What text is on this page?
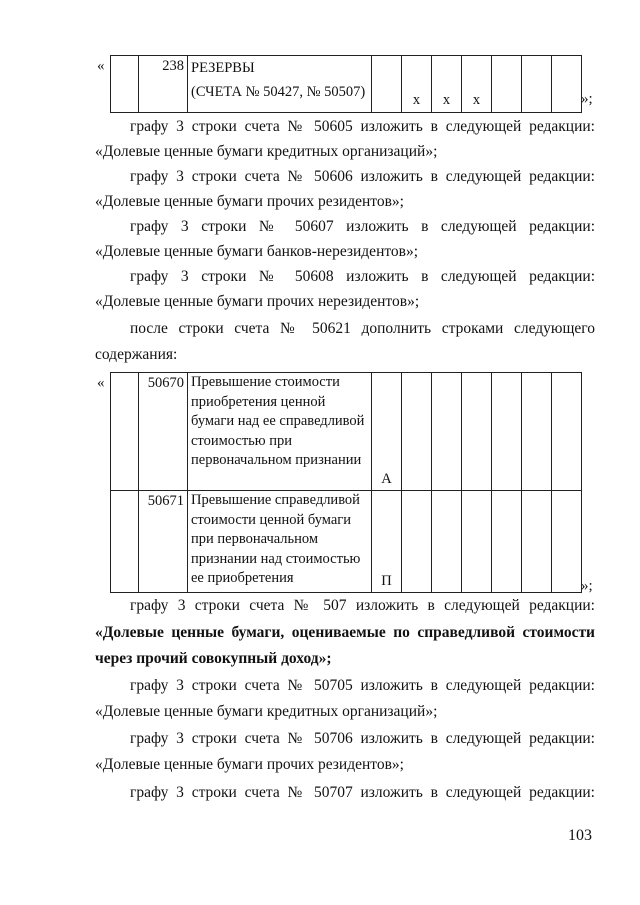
«
		238	РЕЗЕРВЫ
(СЧЕТА № 50427, № 50507)		x	x	x				»;
графу 3 строки счета № 50605 изложить в следующей редакции:
«Долевые ценные бумаги кредитных организаций»;
графу 3 строки счета № 50606 изложить в следующей редакции:
«Долевые ценные бумаги прочих резидентов»;
графу 3 строки № 50607 изложить в следующей редакции:
«Долевые ценные бумаги банков-нерезидентов»;
графу 3 строки № 50608 изложить в следующей редакции:
«Долевые ценные бумаги прочих нерезидентов»;
после строки счета № 50621 дополнить строками следующего
содержания:
«
		50670	Превышение стоимости приобретения ценной бумаги над ее справедливой стоимостью при первоначальном признании	А						
	50671	Превышение справедливой стоимости ценной бумаги при первоначальном признании над стоимостью ее приобретения	П							»;
графу 3 строки счета № 507 изложить в следующей редакции:
«Долевые ценные бумаги, оцениваемые по справедливой стоимости
через прочий совокупный доход»;
графу 3 строки счета № 50705 изложить в следующей редакции:
«Долевые ценные бумаги кредитных организаций»;
графу 3 строки счета № 50706 изложить в следующей редакции:
«Долевые ценные бумаги прочих резидентов»;
графу 3 строки счета № 50707 изложить в следующей редакции:
103
